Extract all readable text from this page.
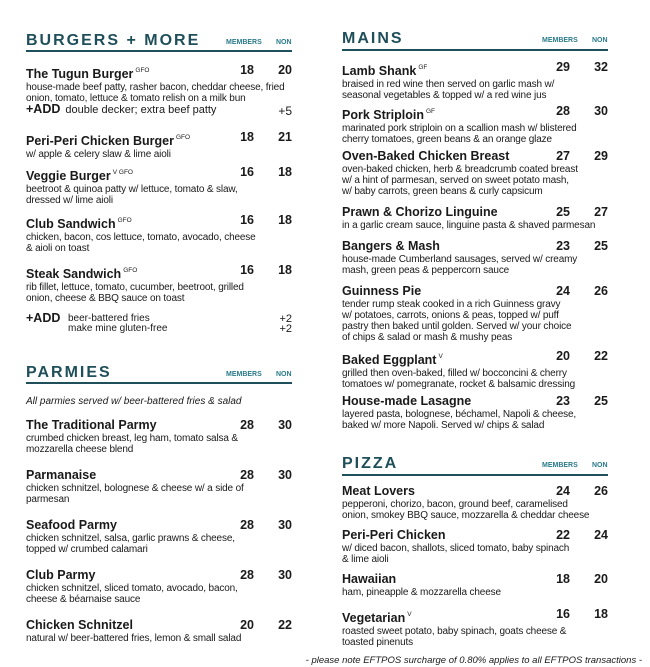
BURGERS + MORE	MEMBERS NON
The Tugun Burger $^{GFO}$	18 20
house-made beef patty, rasher bacon, cheddar cheese, fried
onion, tomato, lettuce & tomato relish on a milk bun
Peri-Peri Chicken Burger $^{GFO}$	18 21
w/ apple & celery slaw & lime aioli
Veggie Burger $^{V GFO}$	16 18
beetroot & quinoa patty w/ lettuce, tomato & slaw,
dressed w/ lime aioli
Club Sandwich $^{GFO}$	16 18
chicken, bacon, cos lettuce, tomato, avocado, cheese
& aioli on toast
Steak Sandwich $^{GFO}$	16 18
rib fillet, lettuce, tomato, cucumber, beetroot, grilled
onion, cheese & BBQ sauce on toast
PARMIES	MEMBERS NON
All parmies served w/ beer-battered fries & salad
The Traditional Parmy	28 30
crumbed chicken breast, leg ham, tomato salsa &
mozzarella cheese blend
Parmanaise	28 30
chicken schnitzel, bolognese & cheese w/ a side of
parmesan
Seafood Parmy	28 30
chicken schnitzel, salsa, garlic prawns & cheese,
topped w/ crumbed calamari
Club Parmy	28 30
chicken schnitzel, sliced tomato, avocado, bacon,
cheese & béarnaise sauce
Chicken Schnitzel	20 22
natural w/ beer-battered fries, lemon & small salad
MAINS	MEMBERS NON
Lamb Shank $^{GF}$	29 32
braised in red wine then served on garlic mash w/
seasonal vegetables & topped w/ a red wine jus
Pork Striploin $^{GF}$	28 30
marinated pork striploin on a scallion mash w/ blistered
cherry tomatoes, green beans & an orange glaze
Oven-Baked Chicken Breast	27 29
oven-baked chicken, herb & breadcrumb coated breast
w/ a hint of parmesan, served on sweet potato mash,
w/ baby carrots, green beans & curly capsicum
Prawn & Chorizo Linguine	25 27
in a garlic cream sauce, linguine pasta & shaved parmesan
Bangers & Mash	23 25
house-made Cumberland sausages, served w/ creamy
mash, green peas & peppercorn sauce
Guinness Pie	24 26
tender rump steak cooked in a rich Guinness gravy
w/ potatoes, carrots, onions & peas, topped w/ puff
pastry then baked until golden. Served w/ your choice
of chips & salad or mash & mushy peas
Baked Eggplant $^V$	20 22
grilled then oven-baked, filled w/ bocconcini & cherry
tomatoes w/ pomegranate, rocket & balsamic dressing
House-made Lasagne	23 25
layered pasta, bolognese, béchamel, Napoli & cheese,
baked w/ more Napoli. Served w/ chips & salad
PIZZA	MEMBERS NON
Meat Lovers	24 26
pepperoni, chorizo, bacon, ground beef, caramelised
onion, smokey BBQ sauce, mozzarella & cheddar cheese
Peri-Peri Chicken	22 24
w/ diced bacon, shallots, sliced tomato, baby spinach
& lime aioli
Hawaiian	18 20
ham, pineapple & mozzarella cheese
Vegetarian $^V$	16 18
roasted sweet potato, baby spinach, goats cheese &
toasted pinenuts
+ADD double decker; extra beef patty	+5
+ADD beer-battered fries	+2
make mine gluten-free	+2
- please note EFTPOS surcharge of 0.80% applies to all EFTPOS transactions -
